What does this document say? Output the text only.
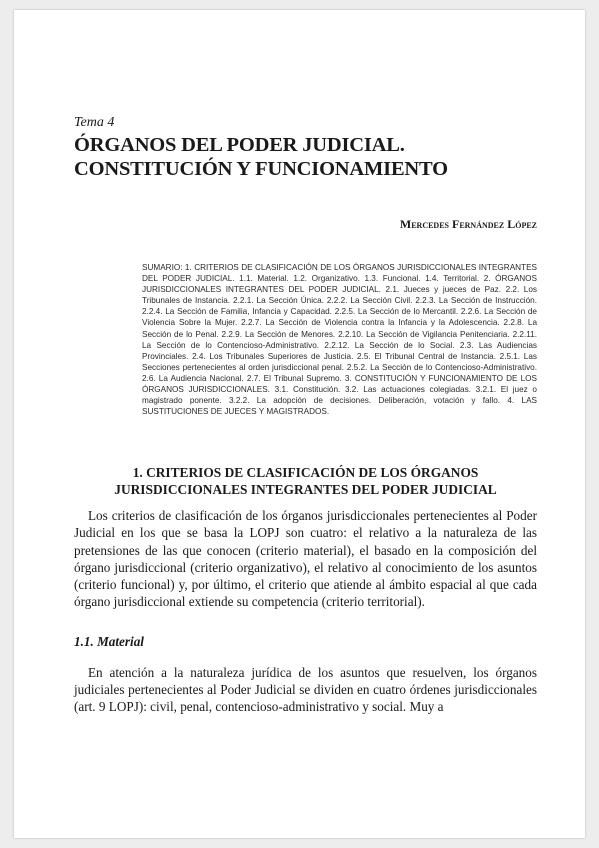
Tema 4

ÓRGANOS DEL PODER JUDICIAL.
CONSTITUCIÓN Y FUNCIONAMIENTO

Mercedes Fernández López

SUMARIO: 1. CRITERIOS DE CLASIFICACIÓN DE LOS ÓRGANOS JURISDICCIONALES INTEGRANTES DEL PODER JUDICIAL. 1.1. Material. 1.2. Organizativo. 1.3. Funcional. 1.4. Territorial. 2. ÓRGANOS JURISDICCIONALES INTEGRANTES DEL PODER JUDICIAL. 2.1. Jueces y jueces de Paz. 2.2. Los Tribunales de Instancia. 2.2.1. La Sección Única. 2.2.2. La Sección Civil. 2.2.3. La Sección de Instrucción. 2.2.4. La Sección de Familia, Infancia y Capacidad. 2.2.5. La Sección de lo Mercantil. 2.2.6. La Sección de Violencia Sobre la Mujer. 2.2.7. La Sección de Violencia contra la Infancia y la Adolescencia. 2.2.8. La Sección de lo Penal. 2.2.9. La Sección de Menores. 2.2.10. La Sección de Vigilancia Penitenciaria. 2.2.11. La Sección de lo Contencioso-Administrativo. 2.2.12. La Sección de lo Social. 2.3. Las Audiencias Provinciales. 2.4. Los Tribunales Superiores de Justicia. 2.5. El Tribunal Central de Instancia. 2.5.1. Las Secciones pertenecientes al orden jurisdiccional penal. 2.5.2. La Sección de lo Contencioso-Administrativo. 2.6. La Audiencia Nacional. 2.7. El Tribunal Supremo. 3. CONSTITUCIÓN Y FUNCIONAMIENTO DE LOS ÓRGANOS JURISDICCIONALES. 3.1. Constitución. 3.2. Las actuaciones colegiadas. 3.2.1. El juez o magistrado ponente. 3.2.2. La adopción de decisiones. Deliberación, votación y fallo. 4. LAS SUSTITUCIONES DE JUECES Y MAGISTRADOS.

1. CRITERIOS DE CLASIFICACIÓN DE LOS ÓRGANOS
JURISDICCIONALES INTEGRANTES DEL PODER JUDICIAL

Los criterios de clasificación de los órganos jurisdiccionales pertenecientes al Poder Judicial en los que se basa la LOPJ son cuatro: el relativo a la naturaleza de las pretensiones de las que conocen (criterio material), el basado en la composición del órgano jurisdiccional (criterio organizativo), el relativo al conocimiento de los asuntos (criterio funcional) y, por último, el criterio que atiende al ámbito espacial al que cada órgano jurisdiccional extiende su competencia (criterio territorial).

1.1. Material

En atención a la naturaleza jurídica de los asuntos que resuelven, los órganos judiciales pertenecientes al Poder Judicial se dividen en cuatro órdenes jurisdiccionales (art. 9 LOPJ): civil, penal, contencioso-administrativo y social. Muy a
